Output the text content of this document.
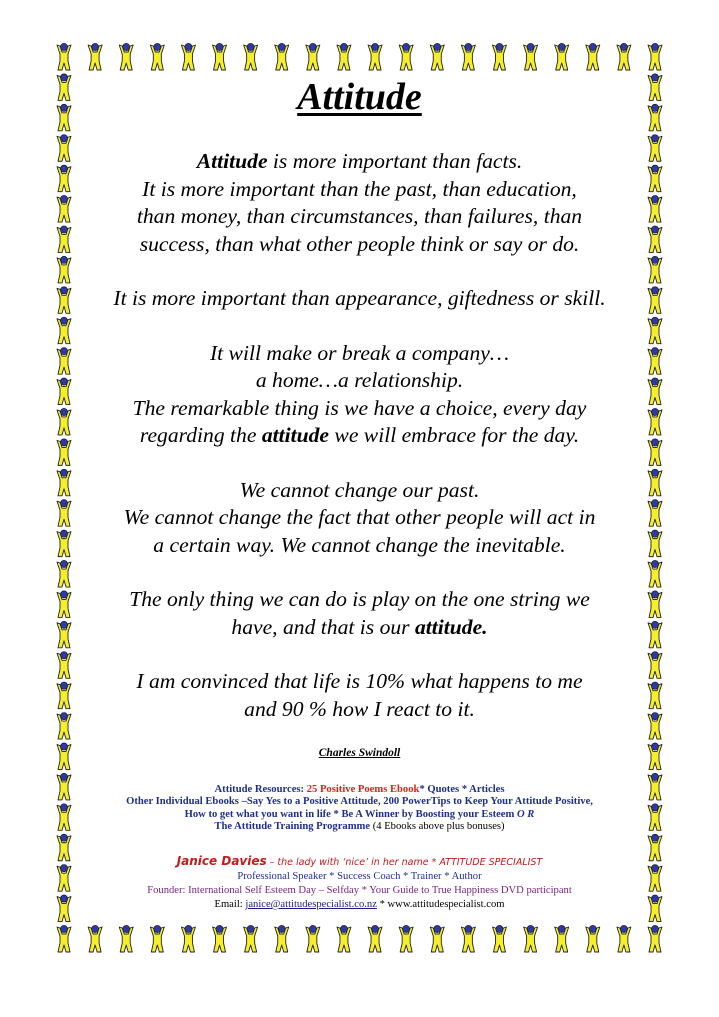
Attitude

Attitude is more important than facts.

It is more important than the past, than education,

than money, than circumstances, than failures, than

success, than what other people think or say or do.

It is more important than appearance, giftedness or skill.

It will make or break a company…

a home…a relationship.

The remarkable thing is we have a choice, every day

regarding the attitude we will embrace for the day.

We cannot change our past.

We cannot change the fact that other people will act in

a certain way. We cannot change the inevitable.

The only thing we can do is play on the one string we

have, and that is our attitude.

I am convinced that life is 10% what happens to me

and 90 % how I react to it.

Charles Swindoll

Attitude Resources: 25 Positive Poems Ebook* Quotes * Articles

Other Individual Ebooks –Say Yes to a Positive Attitude, 200 PowerTips to Keep Your Attitude Positive,

How to get what you want in life * Be A Winner by Boosting your Esteem O R

The Attitude Training Programme (4 Ebooks above plus bonuses)

Janice Davies – the lady with ‘nice’ in her name * ATTITUDE SPECIALIST

Professional Speaker * Success Coach * Trainer * Author

Founder: International Self Esteem Day – Selfday * Your Guide to True Happiness DVD participant

Email: janice@attitudespecialist.co.nz * www.attitudespecialist.com
